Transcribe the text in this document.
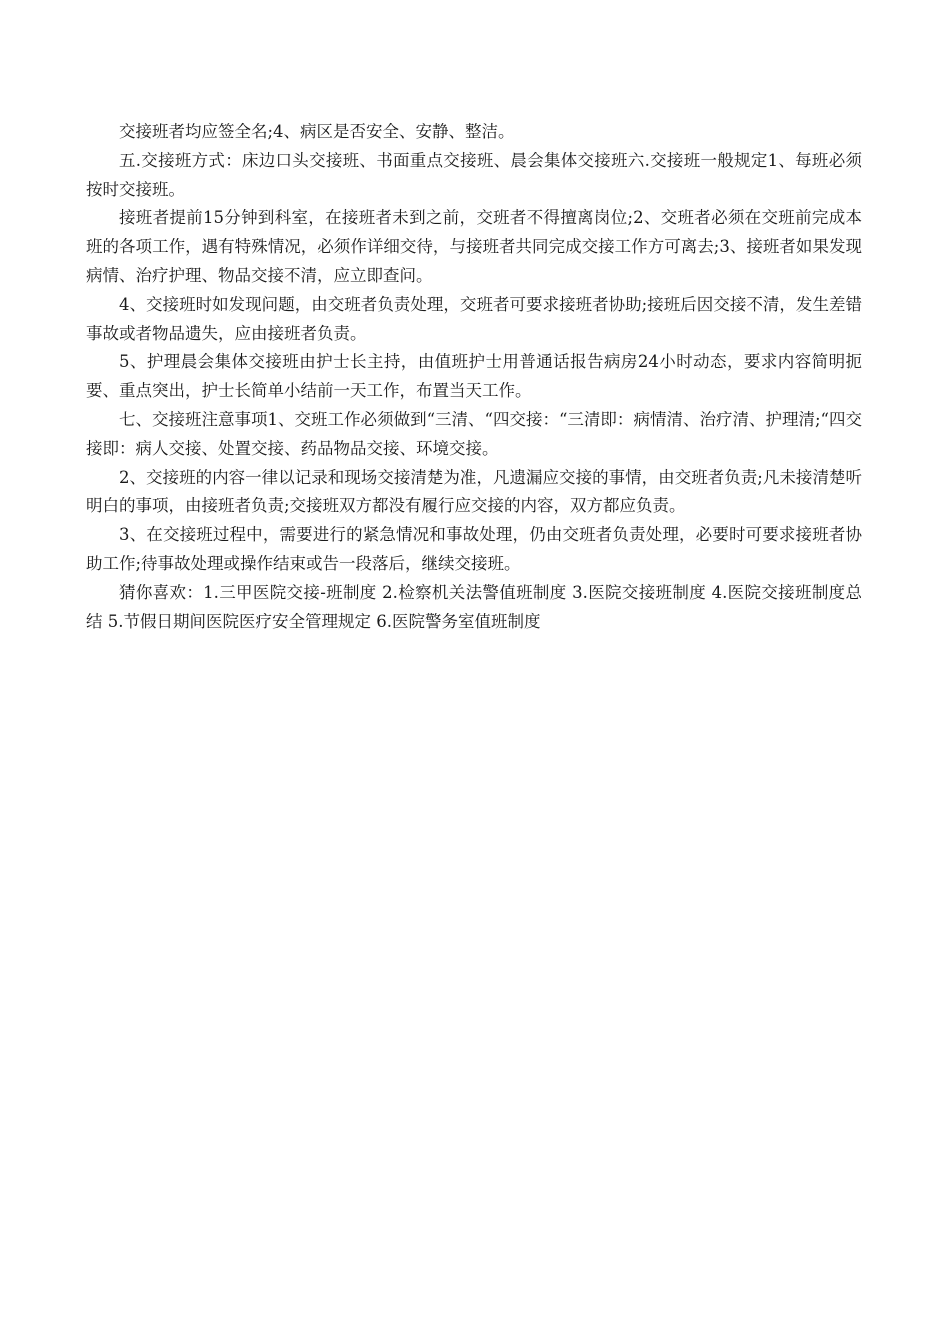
交接班者均应签全名;4、病区是否安全、安静、整洁。

五.交接班方式：床边口头交接班、书面重点交接班、晨会集体交接班六.交接班一般规定1、每班必须按时交接班。

接班者提前15分钟到科室，在接班者未到之前，交班者不得擅离岗位;2、交班者必须在交班前完成本班的各项工作，遇有特殊情况，必须作详细交待，与接班者共同完成交接工作方可离去;3、接班者如果发现病情、治疗护理、物品交接不清，应立即查问。

4、交接班时如发现问题，由交班者负责处理，交班者可要求接班者协助;接班后因交接不清，发生差错事故或者物品遗失，应由接班者负责。

5、护理晨会集体交接班由护士长主持，由值班护士用普通话报告病房24小时动态，要求内容简明扼要、重点突出，护士长简单小结前一天工作，布置当天工作。

七、交接班注意事项1、交班工作必须做到“三清、“四交接：“三清即：病情清、治疗清、护理清;“四交接即：病人交接、处置交接、药品物品交接、环境交接。

2、交接班的内容一律以记录和现场交接清楚为准，凡遗漏应交接的事情，由交班者负责;凡未接清楚听明白的事项，由接班者负责;交接班双方都没有履行应交接的内容，双方都应负责。

3、在交接班过程中，需要进行的紧急情况和事故处理，仍由交班者负责处理，必要时可要求接班者协助工作;待事故处理或操作结束或告一段落后，继续交接班。

猜你喜欢：1.三甲医院交接-班制度 2.检察机关法警值班制度 3.医院交接班制度 4.医院交接班制度总结 5.节假日期间医院医疗安全管理规定 6.医院警务室值班制度
